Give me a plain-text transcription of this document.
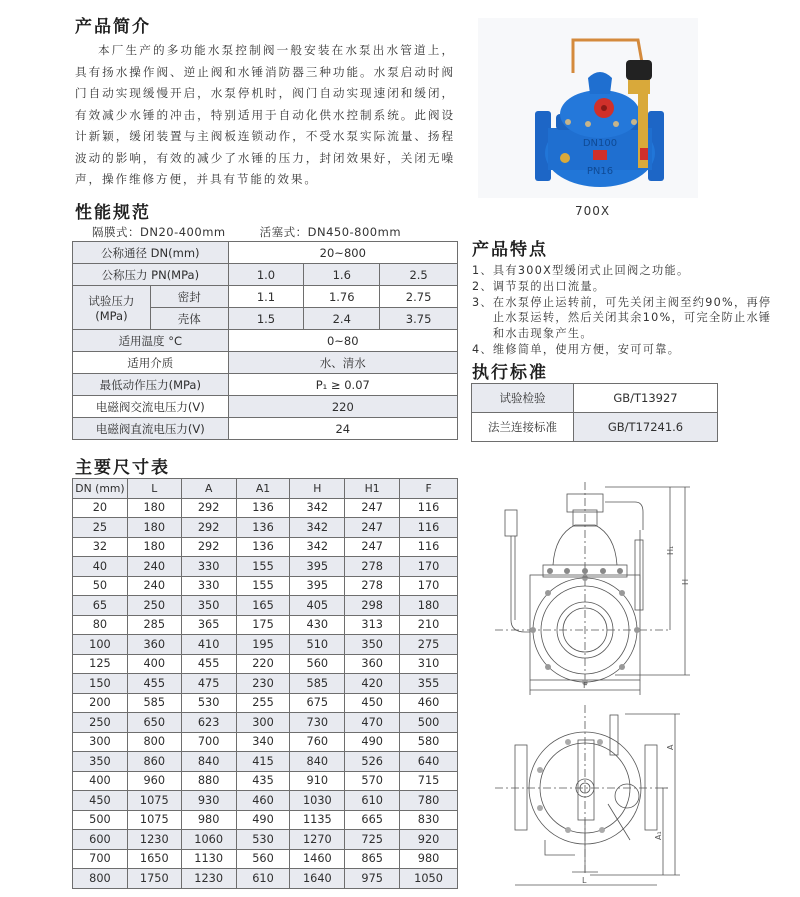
产品简介

本厂生产的多功能水泵控制阀一般安装在水泵出水管道上，具有扬水操作阀、逆止阀和水锤消防器三种功能。水泵启动时阀门自动实现缓慢开启，水泵停机时，阀门自动实现速闭和缓闭，有效减少水锤的冲击，特别适用于自动化供水控制系统。此阀设计新颖，缓闭装置与主阀板连锁动作，不受水泵实际流量、扬程波动的影响，有效的减少了水锤的压力，封闭效果好，关闭无噪声，操作维修方便，并具有节能的效果。

DN100
PN16
700X
性能规范
隔膜式：DN20-400mm	活塞式：DN450-800mm
公称通径 DN(mm)		20~800		
公称压力 PN(MPa)		1.0	1.6	2.5

试验压力
(MPa)	密封	1.1	1.76	2.75
	壳体	1.5	2.4	3.75
适用温度 °C		0~80		
适用介质		水、清水		
最低动作压力(MPa)		P₁ ≥ 0.07		
电磁阀交流电压力(V)		220		
电磁阀直流电压力(V)		24		
产品特点
1、 具有300X型缓闭式止回阀之功能。
2、 调节泵的出口流量。
3、 在水泵停止运转前，可先关闭主阀至约90%，再停止水泵运转，然后关闭其余10%，可完全防止水锤和水击现象产生。
4、 维修简单，使用方便，安可可靠。
执行标准
试验检验	GB/T13927
法兰连接标准	GB/T17241.6
主要尺寸表
DN (mm)	L	A	A1	H	H1	F
20	180	292	136	342	247	116
25	180	292	136	342	247	116
32	180	292	136	342	247	116
40	240	330	155	395	278	170
50	240	330	155	395	278	170
65	250	350	165	405	298	180
80	285	365	175	430	313	210
100	360	410	195	510	350	275
125	400	455	220	560	360	310
150	455	475	230	585	420	355
200	585	530	255	675	450	460
250	650	623	300	730	470	500
300	800	700	340	760	490	580
350	860	840	415	840	526	640
400	960	880	435	910	570	715
450	1075	930	460	1030	610	780
500	1075	980	490	1135	665	830
600	1230	1060	530	1270	725	920
700	1650	1130	560	1460	865	980
800	1750	1230	610	1640	975	1050
H₁
H
F
A
A₁
L
